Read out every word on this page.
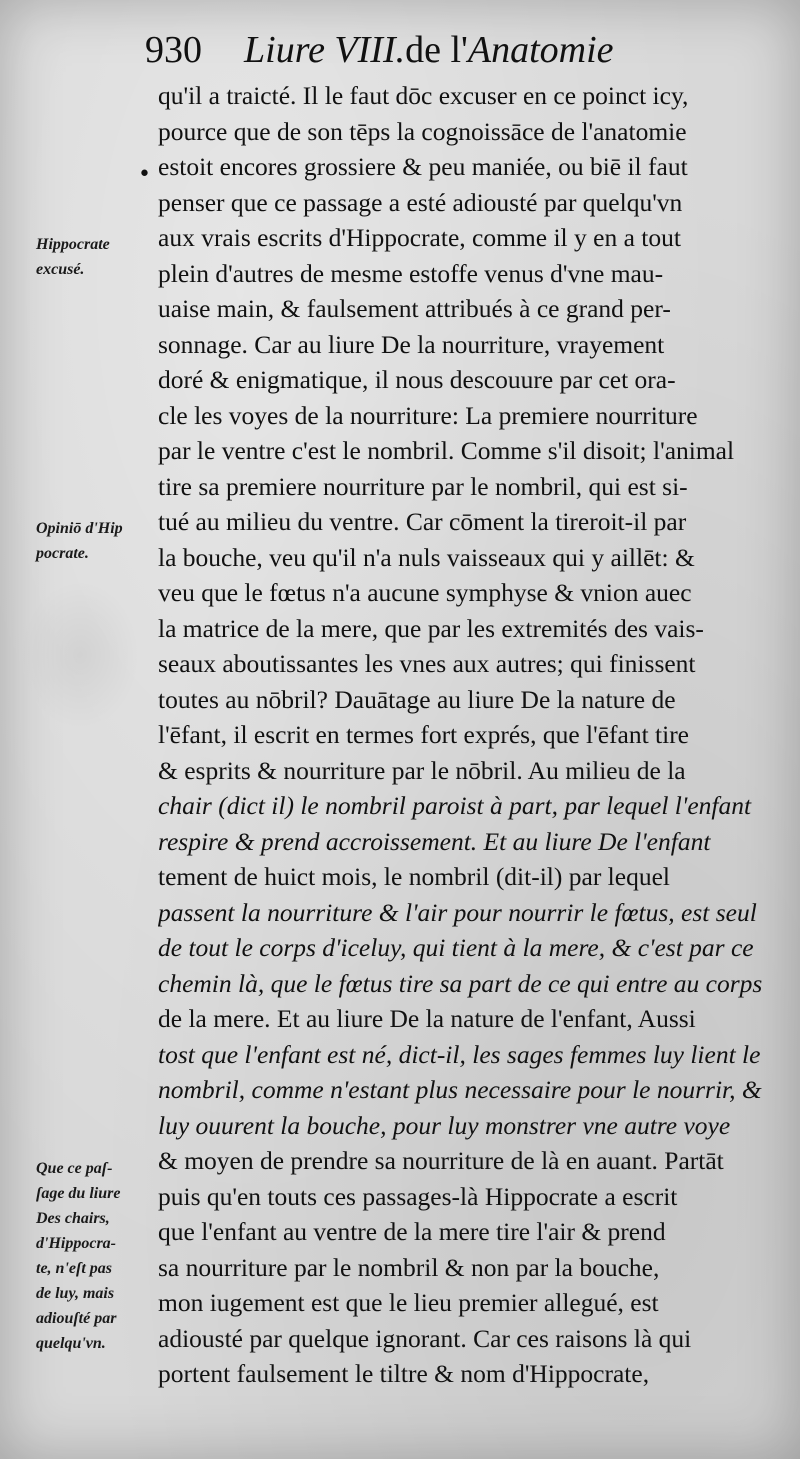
930 Liure VIII.de l'Anatomie
•
Hippocrate
excusé.
Opiniō d'Hip
pocrate.
Que ce paſ-
ſage du liure
Des chairs,
d'Hippocra-
te, n'eſt pas
de luy, mais
adiouſté par
quelqu'vn.
qu'il a traicté. Il le faut dōc excuser en ce poinct icy,
pource que de son tēps la cognoissāce de l'anatomie
estoit encores grossiere & peu maniée, ou biē il faut
penser que ce passage a esté adiousté par quelqu'vn
aux vrais escrits d'Hippocrate, comme il y en a tout
plein d'autres de mesme estoffe venus d'vne mau-
uaise main, & faulsement attribués à ce grand per-
sonnage. Car au liure De la nourriture, vrayement
doré & enigmatique, il nous descouure par cet ora-
cle les voyes de la nourriture: La premiere nourriture
par le ventre c'est le nombril. Comme s'il disoit; l'animal
tire sa premiere nourriture par le nombril, qui est si-
tué au milieu du ventre. Car cōment la tireroit-il par
la bouche, veu qu'il n'a nuls vaisseaux qui y aillēt: &
veu que le fœtus n'a aucune symphyse & vnion auec
la matrice de la mere, que par les extremités des vais-
seaux aboutissantes les vnes aux autres; qui finissent
toutes au nōbril? Dauātage au liure De la nature de
l'ēfant, il escrit en termes fort exprés, que l'ēfant tire
& esprits & nourriture par le nōbril. Au milieu de la
chair (dict il) le nombril paroist à part, par lequel l'enfant
respire & prend accroissement. Et au liure De l'enfant
tement de huict mois, le nombril (dit-il) par lequel
passent la nourriture & l'air pour nourrir le fœtus, est seul
de tout le corps d'iceluy, qui tient à la mere, & c'est par ce
chemin là, que le fœtus tire sa part de ce qui entre au corps
de la mere. Et au liure De la nature de l'enfant, Aussi
tost que l'enfant est né, dict-il, les sages femmes luy lient le
nombril, comme n'estant plus necessaire pour le nourrir, &
luy ouurent la bouche, pour luy monstrer vne autre voye
& moyen de prendre sa nourriture de là en auant. Partāt
puis qu'en touts ces passages-là Hippocrate a escrit
que l'enfant au ventre de la mere tire l'air & prend
sa nourriture par le nombril & non par la bouche,
mon iugement est que le lieu premier allegué, est
adiousté par quelque ignorant. Car ces raisons là qui
portent faulsement le tiltre & nom d'Hippocrate,
